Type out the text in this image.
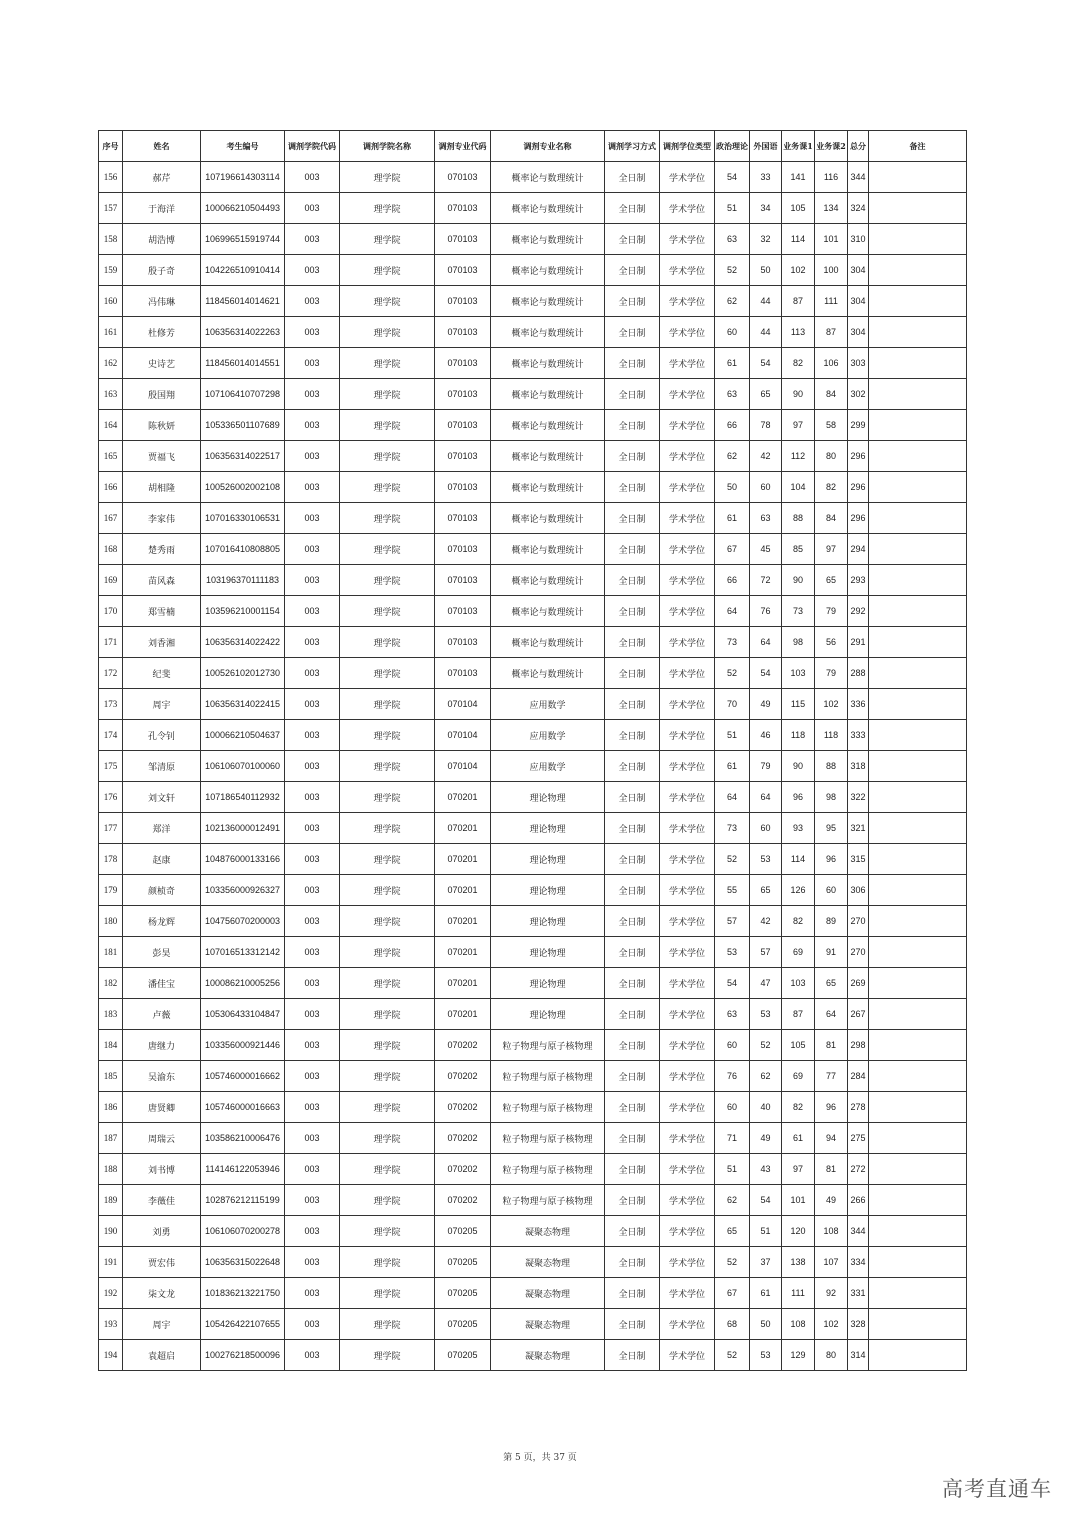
序号	姓名	考生编号	调剂学院代码	调剂学院名称	调剂专业代码	调剂专业名称	调剂学习方式	调剂学位类型	政治理论	外国语	业务课1	业务课2	总分	备注
156	郝芹	107196614303114	003	理学院	070103	概率论与数理统计	全日制	学术学位	54	33	141	116	344	
157	于海洋	100066210504493	003	理学院	070103	概率论与数理统计	全日制	学术学位	51	34	105	134	324	
158	胡浩博	106996515919744	003	理学院	070103	概率论与数理统计	全日制	学术学位	63	32	114	101	310	
159	殷子奇	104226510910414	003	理学院	070103	概率论与数理统计	全日制	学术学位	52	50	102	100	304	
160	冯伟琳	118456014014621	003	理学院	070103	概率论与数理统计	全日制	学术学位	62	44	87	111	304	
161	杜修芳	106356314022263	003	理学院	070103	概率论与数理统计	全日制	学术学位	60	44	113	87	304	
162	史诗艺	118456014014551	003	理学院	070103	概率论与数理统计	全日制	学术学位	61	54	82	106	303	
163	殷国翔	107106410707298	003	理学院	070103	概率论与数理统计	全日制	学术学位	63	65	90	84	302	
164	陈秋妍	105336501107689	003	理学院	070103	概率论与数理统计	全日制	学术学位	66	78	97	58	299	
165	贾福飞	106356314022517	003	理学院	070103	概率论与数理统计	全日制	学术学位	62	42	112	80	296	
166	胡相隆	100526002002108	003	理学院	070103	概率论与数理统计	全日制	学术学位	50	60	104	82	296	
167	李家伟	107016330106531	003	理学院	070103	概率论与数理统计	全日制	学术学位	61	63	88	84	296	
168	楚秀雨	107016410808805	003	理学院	070103	概率论与数理统计	全日制	学术学位	67	45	85	97	294	
169	苗风森	103196370111183	003	理学院	070103	概率论与数理统计	全日制	学术学位	66	72	90	65	293	
170	郑雪楠	103596210001154	003	理学院	070103	概率论与数理统计	全日制	学术学位	64	76	73	79	292	
171	刘香湘	106356314022422	003	理学院	070103	概率论与数理统计	全日制	学术学位	73	64	98	56	291	
172	纪斐	100526102012730	003	理学院	070103	概率论与数理统计	全日制	学术学位	52	54	103	79	288	
173	周宇	106356314022415	003	理学院	070104	应用数学	全日制	学术学位	70	49	115	102	336	
174	孔令钊	100066210504637	003	理学院	070104	应用数学	全日制	学术学位	51	46	118	118	333	
175	邹清原	106106070100060	003	理学院	070104	应用数学	全日制	学术学位	61	79	90	88	318	
176	刘文轩	107186540112932	003	理学院	070201	理论物理	全日制	学术学位	64	64	96	98	322	
177	郑洋	102136000012491	003	理学院	070201	理论物理	全日制	学术学位	73	60	93	95	321	
178	赵康	104876000133166	003	理学院	070201	理论物理	全日制	学术学位	52	53	114	96	315	
179	颜桢奇	103356000926327	003	理学院	070201	理论物理	全日制	学术学位	55	65	126	60	306	
180	杨龙辉	104756070200003	003	理学院	070201	理论物理	全日制	学术学位	57	42	82	89	270	
181	彭昊	107016513312142	003	理学院	070201	理论物理	全日制	学术学位	53	57	69	91	270	
182	潘佳宝	100086210005256	003	理学院	070201	理论物理	全日制	学术学位	54	47	103	65	269	
183	卢薇	105306433104847	003	理学院	070201	理论物理	全日制	学术学位	63	53	87	64	267	
184	唐继力	103356000921446	003	理学院	070202	粒子物理与原子核物理	全日制	学术学位	60	52	105	81	298	
185	吴渝东	105746000016662	003	理学院	070202	粒子物理与原子核物理	全日制	学术学位	76	62	69	77	284	
186	唐贤卿	105746000016663	003	理学院	070202	粒子物理与原子核物理	全日制	学术学位	60	40	82	96	278	
187	周瑞云	103586210006476	003	理学院	070202	粒子物理与原子核物理	全日制	学术学位	71	49	61	94	275	
188	刘书博	114146122053946	003	理学院	070202	粒子物理与原子核物理	全日制	学术学位	51	43	97	81	272	
189	李薇佳	102876212115199	003	理学院	070202	粒子物理与原子核物理	全日制	学术学位	62	54	101	49	266	
190	刘勇	106106070200278	003	理学院	070205	凝聚态物理	全日制	学术学位	65	51	120	108	344	
191	贾宏伟	106356315022648	003	理学院	070205	凝聚态物理	全日制	学术学位	52	37	138	107	334	
192	柒文龙	101836213221750	003	理学院	070205	凝聚态物理	全日制	学术学位	67	61	111	92	331	
193	周宇	105426422107655	003	理学院	070205	凝聚态物理	全日制	学术学位	68	50	108	102	328	
194	袁超启	100276218500096	003	理学院	070205	凝聚态物理	全日制	学术学位	52	53	129	80	314	
第 5 页，共 37 页
高考直通车
